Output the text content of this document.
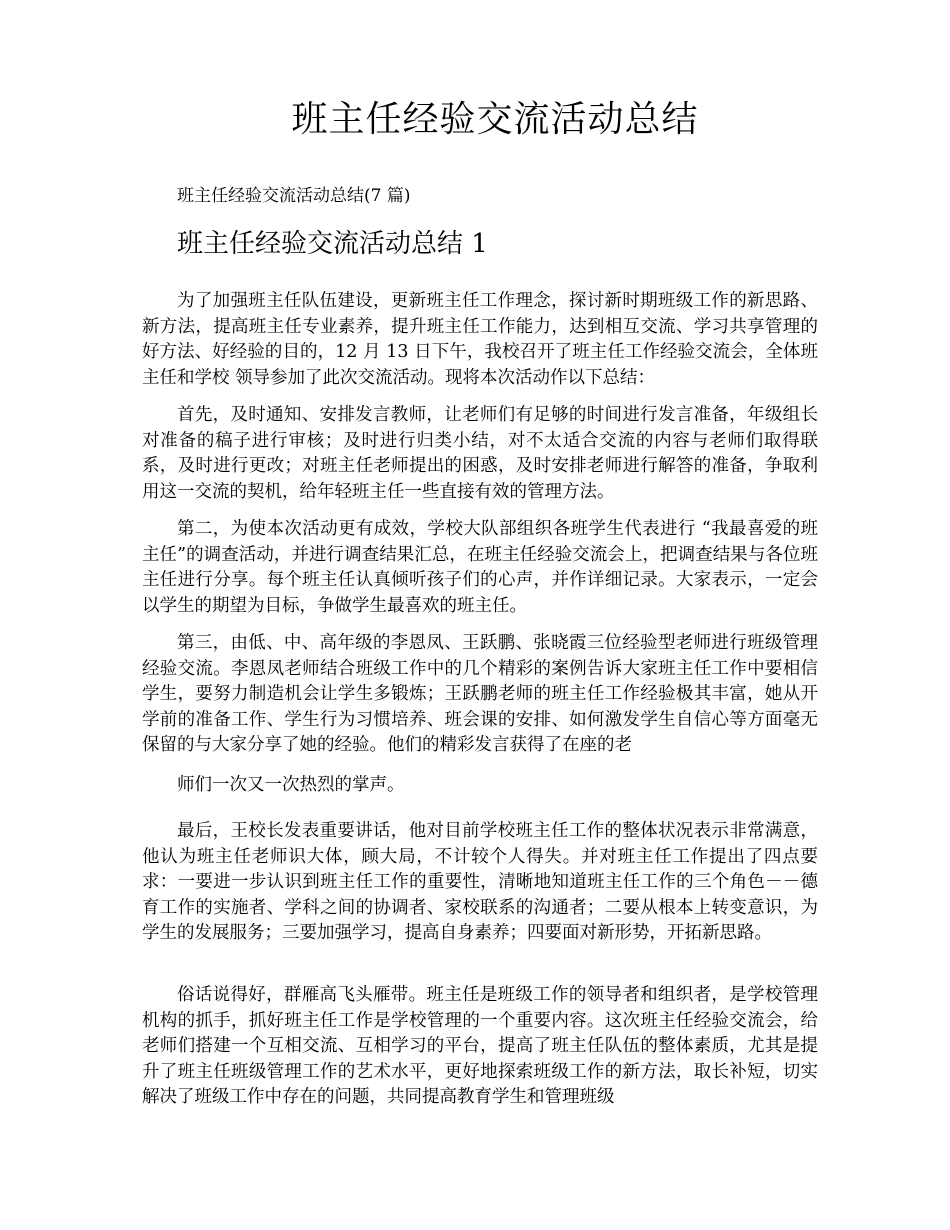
班主任经验交流活动总结

班主任经验交流活动总结(7 篇)

班主任经验交流活动总结 1

为了加强班主任队伍建设，更新班主任工作理念，探讨新时期班级工作的新思路、新方法，提高班主任专业素养，提升班主任工作能力，达到相互交流、学习共享管理的好方法、好经验的目的，12 月 13 日下午，我校召开了班主任工作经验交流会，全体班主任和学校 领导参加了此次交流活动。现将本次活动作以下总结：

首先，及时通知、安排发言教师，让老师们有足够的时间进行发言准备，年级组长对准备的稿子进行审核；及时进行归类小结，对不太适合交流的内容与老师们取得联系，及时进行更改；对班主任老师提出的困惑，及时安排老师进行解答的准备，争取利用这一交流的契机，给年轻班主任一些直接有效的管理方法。

第二，为使本次活动更有成效，学校大队部组织各班学生代表进行 “我最喜爱的班主任”的调查活动，并进行调查结果汇总，在班主任经验交流会上，把调查结果与各位班主任进行分享。每个班主任认真倾听孩子们的心声，并作详细记录。大家表示，一定会以学生的期望为目标，争做学生最喜欢的班主任。

第三，由低、中、高年级的李恩凤、王跃鹏、张晓霞三位经验型老师进行班级管理经验交流。李恩凤老师结合班级工作中的几个精彩的案例告诉大家班主任工作中要相信学生，要努力制造机会让学生多锻炼；王跃鹏老师的班主任工作经验极其丰富，她从开学前的准备工作、学生行为习惯培养、班会课的安排、如何激发学生自信心等方面毫无保留的与大家分享了她的经验。他们的精彩发言获得了在座的老

师们一次又一次热烈的掌声。

最后，王校长发表重要讲话，他对目前学校班主任工作的整体状况表示非常满意，他认为班主任老师识大体，顾大局，不计较个人得失。并对班主任工作提出了四点要求：一要进一步认识到班主任工作的重要性，清晰地知道班主任工作的三个角色－－德育工作的实施者、学科之间的协调者、家校联系的沟通者；二要从根本上转变意识，为学生的发展服务；三要加强学习，提高自身素养；四要面对新形势，开拓新思路。

俗话说得好，群雁高飞头雁带。班主任是班级工作的领导者和组织者，是学校管理机构的抓手，抓好班主任工作是学校管理的一个重要内容。这次班主任经验交流会，给老师们搭建一个互相交流、互相学习的平台，提高了班主任队伍的整体素质，尤其是提升了班主任班级管理工作的艺术水平，更好地探索班级工作的新方法，取长补短，切实解决了班级工作中存在的问题，共同提高教育学生和管理班级
